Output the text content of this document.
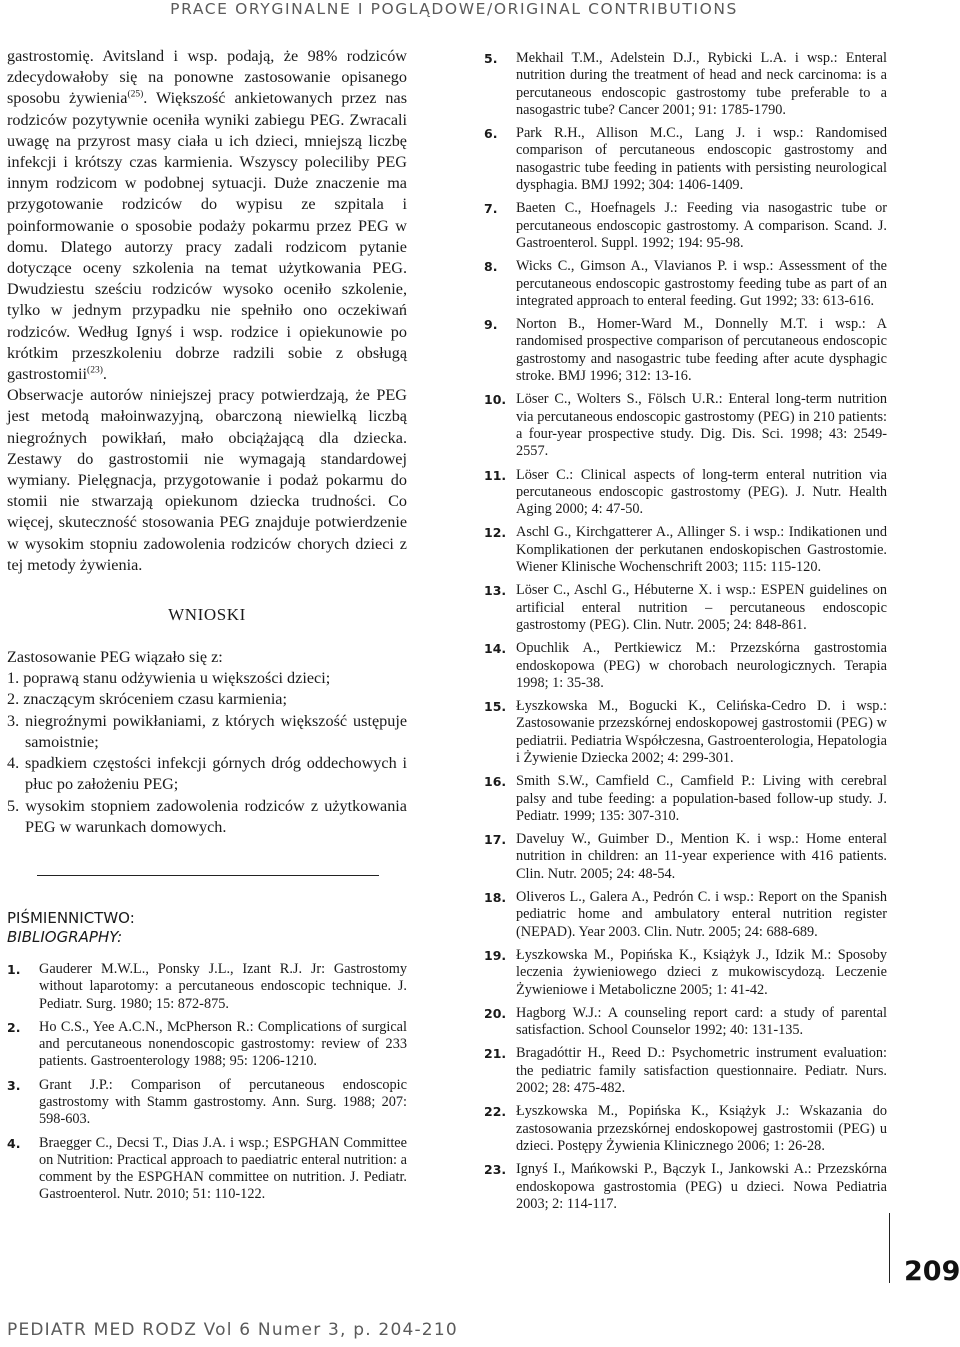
PRACE ORYGINALNE I POGLĄDOWE/ORIGINAL CONTRIBUTIONS

gastrostomię. Avitsland i wsp. podają, że 98% rodziców zdecydowałoby się na ponowne zastosowanie opisanego sposobu żywienia$^{(25)}$. Większość ankietowanych przez nas rodziców pozytywnie oceniła wyniki zabiegu PEG. Zwracali uwagę na przyrost masy ciała u ich dzieci, mniejszą liczbę infekcji i krótszy czas karmienia. Wszyscy poleciliby PEG innym rodzicom w podobnej sytuacji. Duże znaczenie ma przygotowanie rodziców do wypisu ze szpitala i poinformowanie o sposobie podaży pokarmu przez PEG w domu. Dlatego autorzy pracy zadali rodzicom pytanie dotyczące oceny szkolenia na temat użytkowania PEG. Dwudziestu sześciu rodziców wysoko oceniło szkolenie, tylko w jednym przypadku nie spełniło ono oczekiwań rodziców. Według Ignyś i wsp. rodzice i opiekunowie po krótkim przeszkoleniu dobrze radzili sobie z obsługą gastrostomii$^{(23)}$.

Obserwacje autorów niniejszej pracy potwierdzają, że PEG jest metodą małoinwazyjną, obarczoną niewielką liczbą niegroźnych powikłań, mało obciążającą dla dziecka. Zestawy do gastrostomii nie wymagają standardowej wymiany. Pielęgnacja, przygotowanie i podaż pokarmu do stomii nie stwarzają opiekunom dziecka trudności. Co więcej, skuteczność stosowania PEG znajduje potwierdzenie w wysokim stopniu zadowolenia rodziców chorych dzieci z tej metody żywienia.

WNIOSKI

Zastosowanie PEG wiązało się z:

1. poprawą stanu odżywienia u większości dzieci;
2. znaczącym skróceniem czasu karmienia;
3. niegroźnymi powikłaniami, z których większość ustępuje samoistnie;
4. spadkiem częstości infekcji górnych dróg oddechowych i płuc po założeniu PEG;
5. wysokim stopniem zadowolenia rodziców z użytkowania PEG w warunkach domowych.
PIŚMIENNICTWO:
BIBLIOGRAPHY:
1.	Gauderer M.W.L., Ponsky J.L., Izant R.J. Jr: Gastrostomy without laparotomy: a percutaneous endoscopic technique. J. Pediatr. Surg. 1980; 15: 872-875.
2.	Ho C.S., Yee A.C.N., McPherson R.: Complications of surgical and percutaneous nonendoscopic gastrostomy: review of 233 patients. Gastroenterology 1988; 95: 1206-1210.
3.	Grant J.P.: Comparison of percutaneous endoscopic gastrostomy with Stamm gastrostomy. Ann. Surg. 1988; 207: 598-603.
4.	Braegger C., Decsi T., Dias J.A. i wsp.; ESPGHAN Committee on Nutrition: Practical approach to paediatric enteral nutrition: a comment by the ESPGHAN committee on nutrition. J. Pediatr. Gastroenterol. Nutr. 2010; 51: 110-122.
5.	Mekhail T.M., Adelstein D.J., Rybicki L.A. i wsp.: Enteral nutrition during the treatment of head and neck carcinoma: is a percutaneous endoscopic gastrostomy tube preferable to a nasogastric tube? Cancer 2001; 91: 1785-1790.
6.	Park R.H., Allison M.C., Lang J. i wsp.: Randomised comparison of percutaneous endoscopic gastrostomy and nasogastric tube feeding in patients with persisting neurological dysphagia. BMJ 1992; 304: 1406-1409.
7.	Baeten C., Hoefnagels J.: Feeding via nasogastric tube or percutaneous endoscopic gastrostomy. A comparison. Scand. J. Gastroenterol. Suppl. 1992; 194: 95-98.
8.	Wicks C., Gimson A., Vlavianos P. i wsp.: Assessment of the percutaneous endoscopic gastrostomy feeding tube as part of an integrated approach to enteral feeding. Gut 1992; 33: 613-616.
9.	Norton B., Homer-Ward M., Donnelly M.T. i wsp.: A randomised prospective comparison of percutaneous endoscopic gastrostomy and nasogastric tube feeding after acute dysphagic stroke. BMJ 1996; 312: 13-16.
10. Löser C., Wolters S., Fölsch U.R.: Enteral long-term nutrition via percutaneous endoscopic gastrostomy (PEG) in 210 patients: a four-year prospective study. Dig. Dis. Sci. 1998; 43: 2549-2557.
11. Löser C.: Clinical aspects of long-term enteral nutrition via percutaneous endoscopic gastrostomy (PEG). J. Nutr. Health Aging 2000; 4: 47-50.
12. Aschl G., Kirchgatterer A., Allinger S. i wsp.: Indikationen und Komplikationen der perkutanen endoskopischen Gastrostomie. Wiener Klinische Wochenschrift 2003; 115: 115-120.
13. Löser C., Aschl G., Hébuterne X. i wsp.: ESPEN guidelines on artificial enteral nutrition – percutaneous endoscopic gastrostomy (PEG). Clin. Nutr. 2005; 24: 848-861.
14. Opuchlik A., Pertkiewicz M.: Przezskórna gastrostomia endoskopowa (PEG) w chorobach neurologicznych. Terapia 1998; 1: 35-38.
15. Łyszkowska M., Bogucki K., Celińska-Cedro D. i wsp.: Zastosowanie przezskórnej endoskopowej gastrostomii (PEG) w pediatrii. Pediatria Współczesna, Gastroenterologia, Hepatologia i Żywienie Dziecka 2002; 4: 299-301.
16. Smith S.W., Camfield C., Camfield P.: Living with cerebral palsy and tube feeding: a population-based follow-up study. J. Pediatr. 1999; 135: 307-310.
17. Daveluy W., Guimber D., Mention K. i wsp.: Home enteral nutrition in children: an 11-year experience with 416 patients. Clin. Nutr. 2005; 24: 48-54.
18. Oliveros L., Galera A., Pedrón C. i wsp.: Report on the Spanish pediatric home and ambulatory enteral nutrition register (NEPAD). Year 2003. Clin. Nutr. 2005; 24: 688-689.
19. Łyszkowska M., Popińska K., Książyk J., Idzik M.: Sposoby leczenia żywieniowego dzieci z mukowiscydozą. Leczenie Żywieniowe i Metaboliczne 2005; 1: 41-42.
20. Hagborg W.J.: A counseling report card: a study of parental satisfaction. School Counselor 1992; 40: 131-135.
21. Bragadóttir H., Reed D.: Psychometric instrument evaluation: the pediatric family satisfaction questionnaire. Pediatr. Nurs. 2002; 28: 475-482.
22. Łyszkowska M., Popińska K., Książyk J.: Wskazania do zastosowania przezskórnej endoskopowej gastrostomii (PEG) u dzieci. Postępy Żywienia Klinicznego 2006; 1: 26-28.
23. Ignyś I., Mańkowski P., Bączyk I., Jankowski A.: Przezskórna endoskopowa gastrostomia (PEG) u dzieci. Nowa Pediatria 2003; 2: 114-117.
209
PEDIATR MED RODZ Vol 6 Numer 3, p. 204-210
